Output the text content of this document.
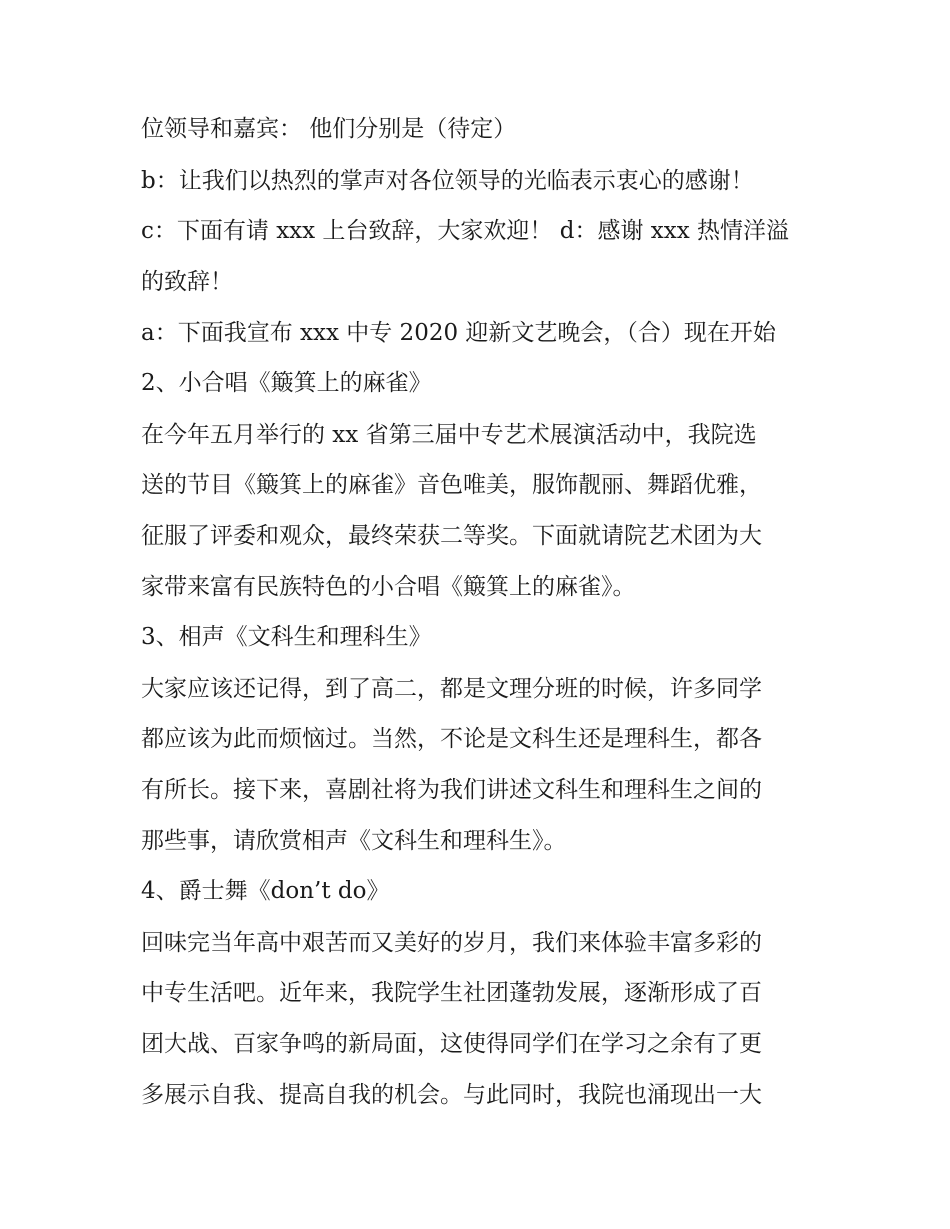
位领导和嘉宾： 他们分别是（待定）
b：让我们以热烈的掌声对各位领导的光临表示衷心的感谢！
c：下面有请 xxx 上台致辞，大家欢迎！ d：感谢 xxx 热情洋溢
的致辞！
a：下面我宣布 xxx 中专 2020 迎新文艺晚会，（合）现在开始
2、小合唱《簸箕上的麻雀》
在今年五月举行的 xx 省第三届中专艺术展演活动中，我院选
送的节目《簸箕上的麻雀》音色唯美，服饰靓丽、舞蹈优雅，
征服了评委和观众，最终荣获二等奖。下面就请院艺术团为大
家带来富有民族特色的小合唱《簸箕上的麻雀》。
3、相声《文科生和理科生》
大家应该还记得，到了高二，都是文理分班的时候，许多同学
都应该为此而烦恼过。当然，不论是文科生还是理科生，都各
有所长。接下来，喜剧社将为我们讲述文科生和理科生之间的
那些事，请欣赏相声《文科生和理科生》。
4、爵士舞《don’t do》
回味完当年高中艰苦而又美好的岁月，我们来体验丰富多彩的
中专生活吧。近年来，我院学生社团蓬勃发展，逐渐形成了百
团大战、百家争鸣的新局面，这使得同学们在学习之余有了更
多展示自我、提高自我的机会。与此同时，我院也涌现出一大
